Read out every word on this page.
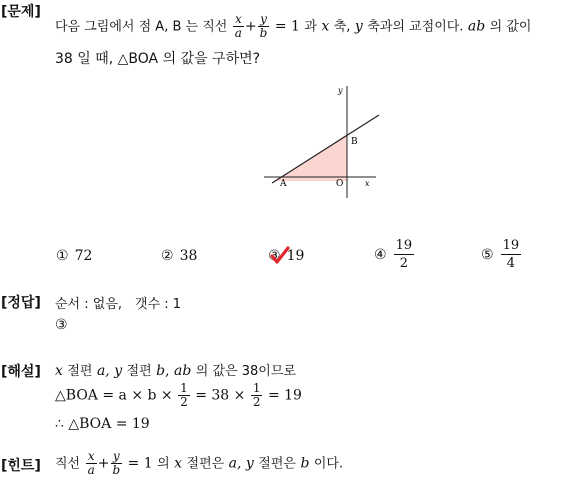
[문제]
다음 그림에서 점 A, B 는 직선 $\frac{x}{a} + \frac{y}{b} = 1$ 과 x 축, y 축과의 교점이다. ab 의 값이
38 일 때, △BOA 의 값을 구하면?
y
x
B
A	O
① 72	② 38	③ 19	④ $\frac{19}{2}$	⑤ $\frac{19}{4}$
[정답] 순서 : 없음,　갯수 : 1
③
[해설] x 절편 a, y 절편 b, ab 의 값은 38이므로
△BOA = $a \times b \times \frac{1}{2} = 38 \times \frac{1}{2} = 19$
∴ △BOA = 19
[힌트] 직선 $\frac{x}{a} + \frac{y}{b} = 1$ 의 x 절편은 a, y 절편은 b 이다.
